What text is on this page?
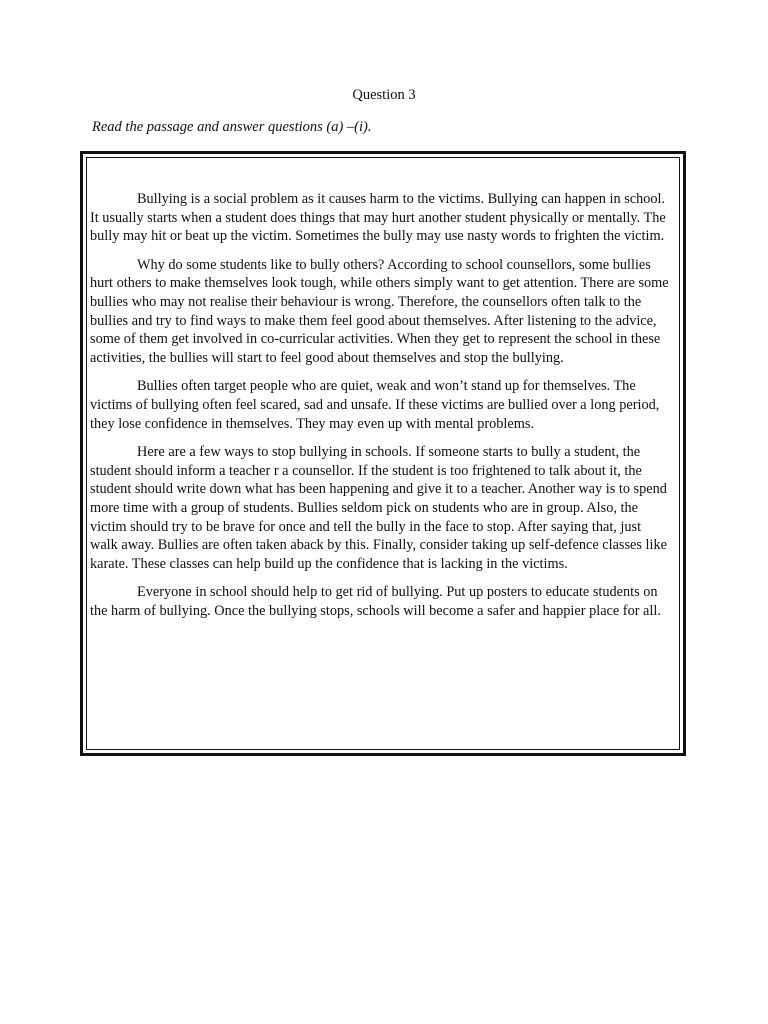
Question 3
Read the passage and answer questions (a) –(i).

Bullying is a social problem as it causes harm to the victims. Bullying can happen in school. It usually starts when a student does things that may hurt another student physically or mentally. The bully may hit or beat up the victim. Sometimes the bully may use nasty words to frighten the victim.

Why do some students like to bully others? According to school counsellors, some bullies hurt others to make themselves look tough, while others simply want to get attention. There are some bullies who may not realise their behaviour is wrong. Therefore, the counsellors often talk to the bullies and try to find ways to make them feel good about themselves. After listening to the advice, some of them get involved in co-curricular activities. When they get to represent the school in these activities, the bullies will start to feel good about themselves and stop the bullying.

Bullies often target people who are quiet, weak and won’t stand up for themselves. The victims of bullying often feel scared, sad and unsafe. If these victims are bullied over a long period, they lose confidence in themselves. They may even up with mental problems.

Here are a few ways to stop bullying in schools. If someone starts to bully a student, the student should inform a teacher r a counsellor. If the student is too frightened to talk about it, the student should write down what has been happening and give it to a teacher. Another way is to spend more time with a group of students. Bullies seldom pick on students who are in group. Also, the victim should try to be brave for once and tell the bully in the face to stop. After saying that, just walk away. Bullies are often taken aback by this. Finally, consider taking up self-defence classes like karate. These classes can help build up the confidence that is lacking in the victims.

Everyone in school should help to get rid of bullying. Put up posters to educate students on the harm of bullying. Once the bullying stops, schools will become a safer and happier place for all.
